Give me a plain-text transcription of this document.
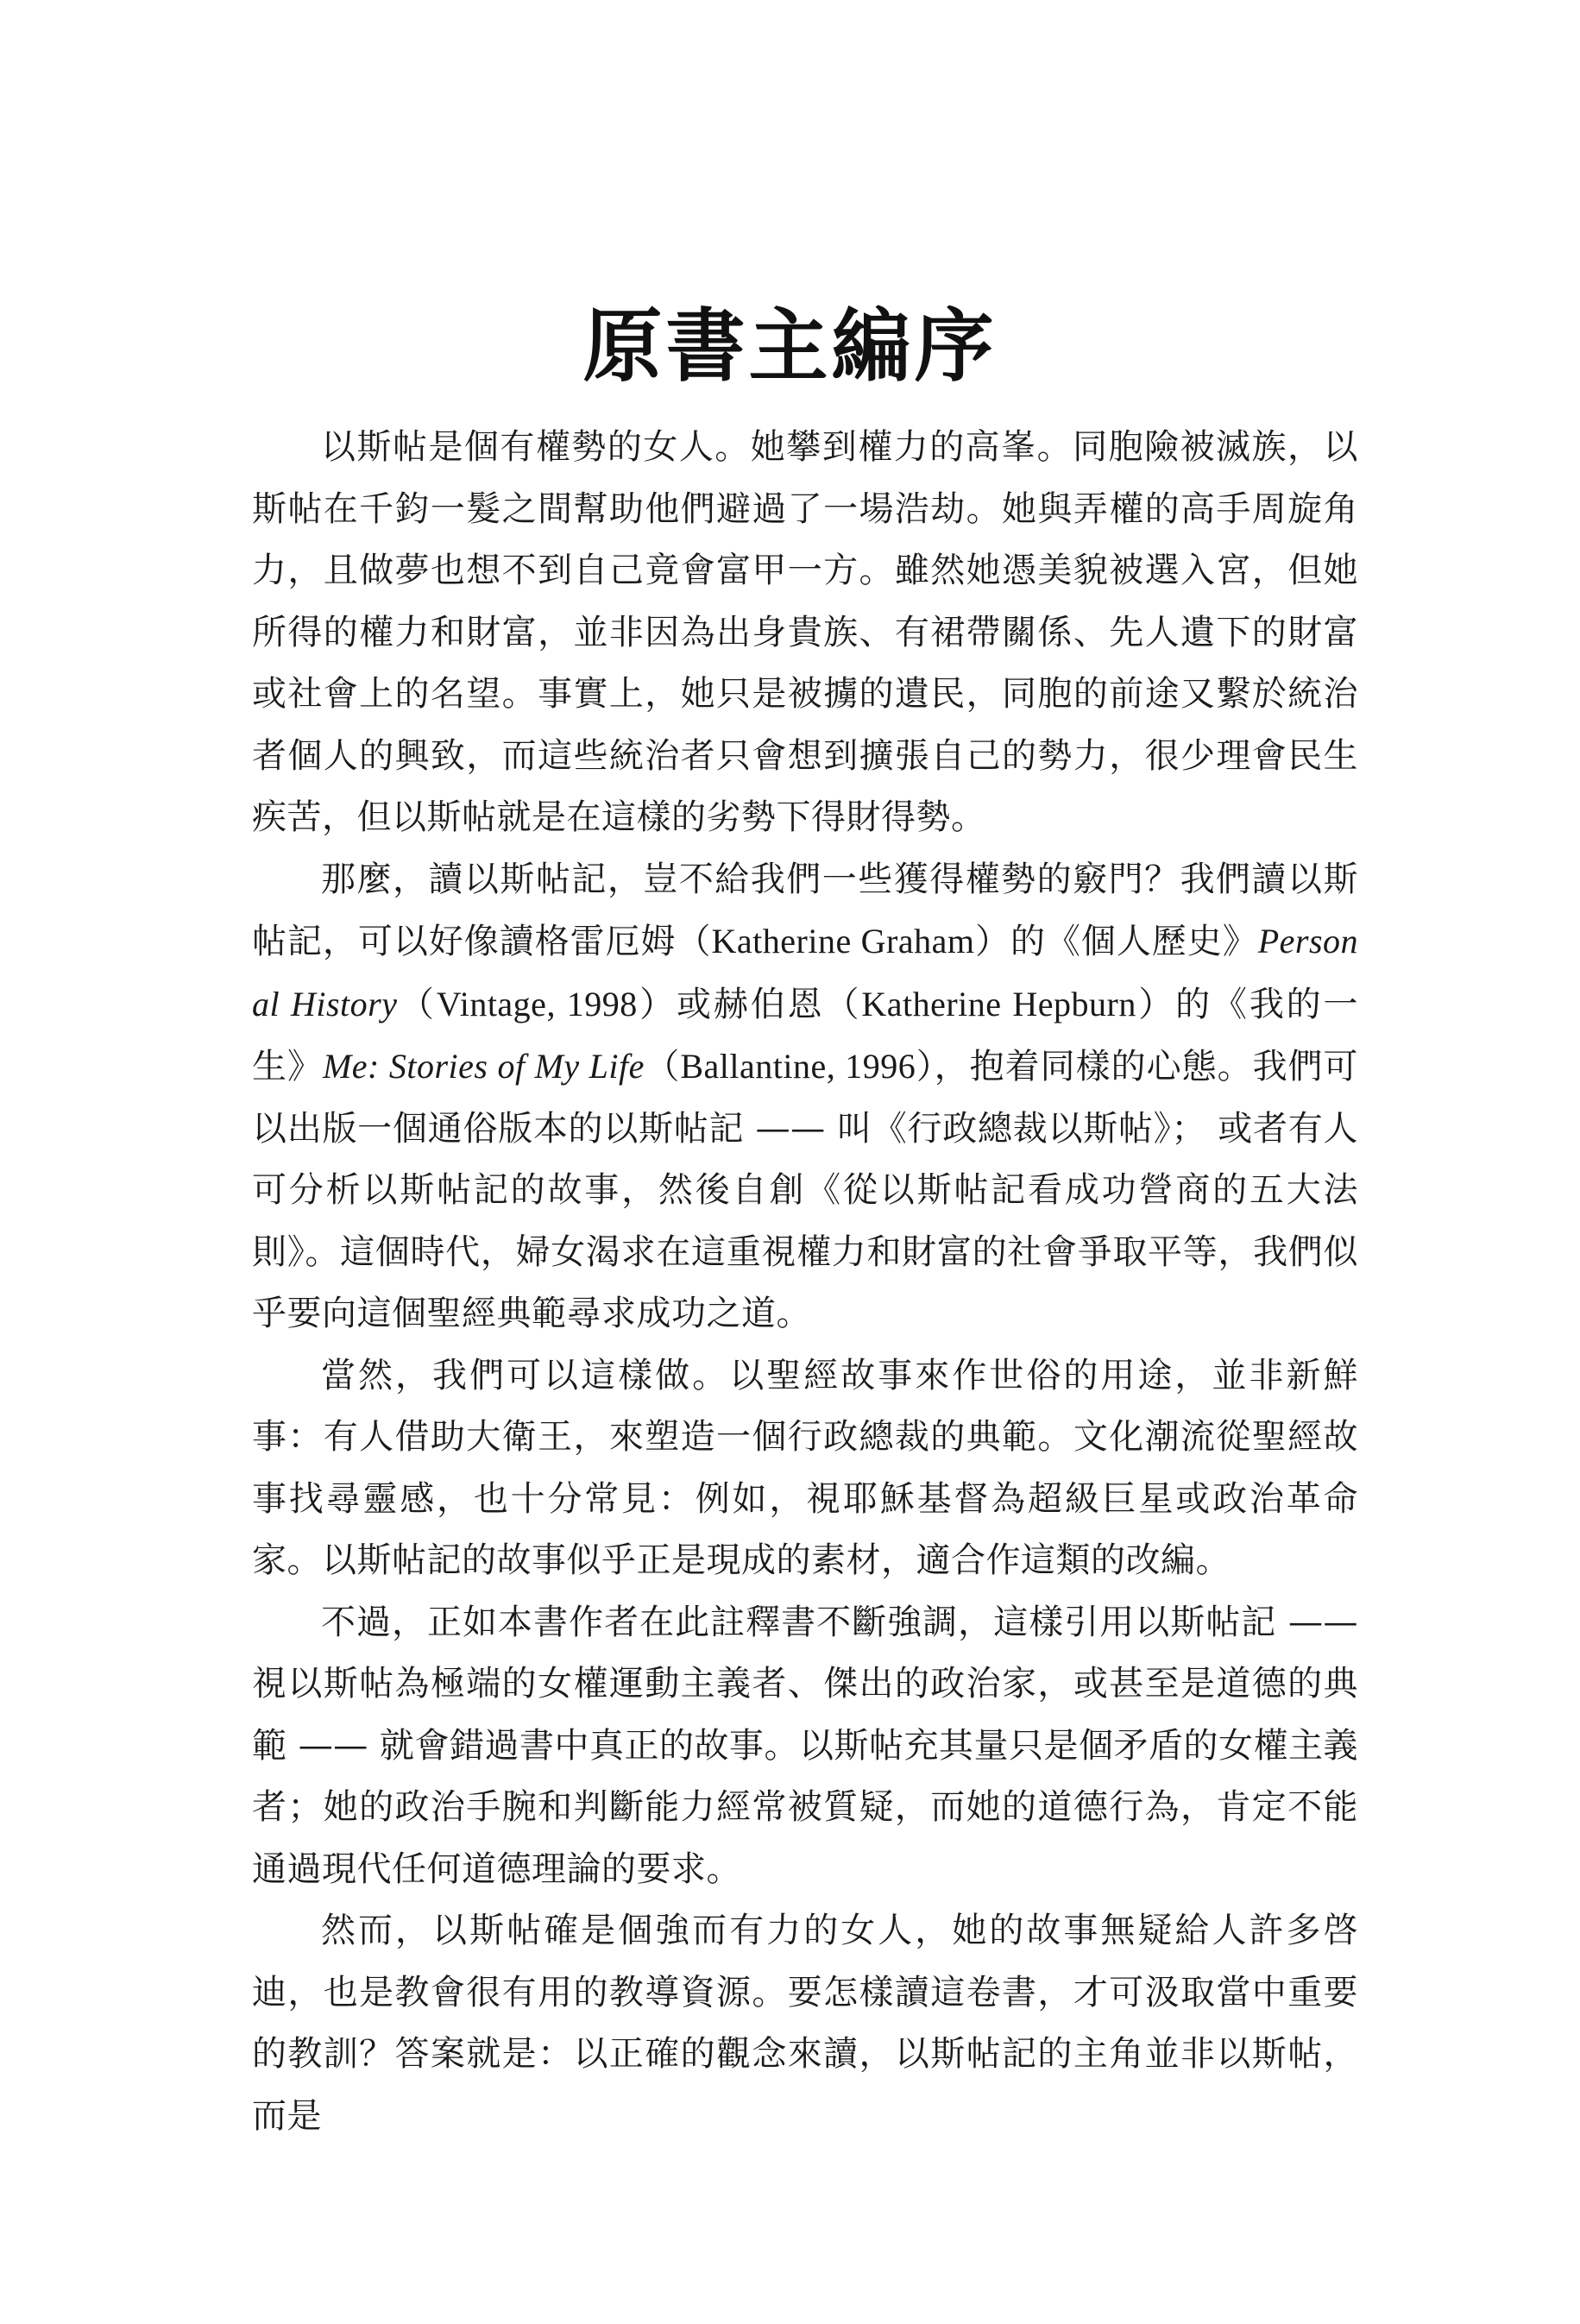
原書主編序

以斯帖是個有權勢的女人。她攀到權力的高峯。同胞險被滅族，以斯帖在千鈞一髮之間幫助他們避過了一場浩劫。她與弄權的高手周旋角力，且做夢也想不到自己竟會富甲一方。雖然她憑美貌被選入宮，但她所得的權力和財富，並非因為出身貴族、有裙帶關係、先人遺下的財富或社會上的名望。事實上，她只是被擄的遺民，同胞的前途又繫於統治者個人的興致，而這些統治者只會想到擴張自己的勢力，很少理會民生疾苦，但以斯帖就是在這樣的劣勢下得財得勢。

那麼，讀以斯帖記，豈不給我們一些獲得權勢的竅門？我們讀以斯帖記，可以好像讀格雷厄姆（Katherine Graham）的《個人歷史》Personal History（Vintage, 1998）或赫伯恩（Katherine Hepburn）的《我的一生》Me: Stories of My Life（Ballantine, 1996），抱着同樣的心態。我們可以出版一個通俗版本的以斯帖記 —— 叫《行政總裁以斯帖》； 或者有人可分析以斯帖記的故事，然後自創《從以斯帖記看成功營商的五大法則》。這個時代，婦女渴求在這重視權力和財富的社會爭取平等，我們似乎要向這個聖經典範尋求成功之道。

當然，我們可以這樣做。以聖經故事來作世俗的用途，並非新鮮事：有人借助大衛王，來塑造一個行政總裁的典範。文化潮流從聖經故事找尋靈感，也十分常見：例如，視耶穌基督為超級巨星或政治革命家。以斯帖記的故事似乎正是現成的素材，適合作這類的改編。

不過，正如本書作者在此註釋書不斷強調，這樣引用以斯帖記 —— 視以斯帖為極端的女權運動主義者、傑出的政治家，或甚至是道德的典範 —— 就會錯過書中真正的故事。以斯帖充其量只是個矛盾的女權主義者；她的政治手腕和判斷能力經常被質疑，而她的道德行為，肯定不能通過現代任何道德理論的要求。

然而，以斯帖確是個強而有力的女人，她的故事無疑給人許多啓迪，也是教會很有用的教導資源。要怎樣讀這卷書，才可汲取當中重要的教訓？答案就是：以正確的觀念來讀，以斯帖記的主角並非以斯帖，而是
